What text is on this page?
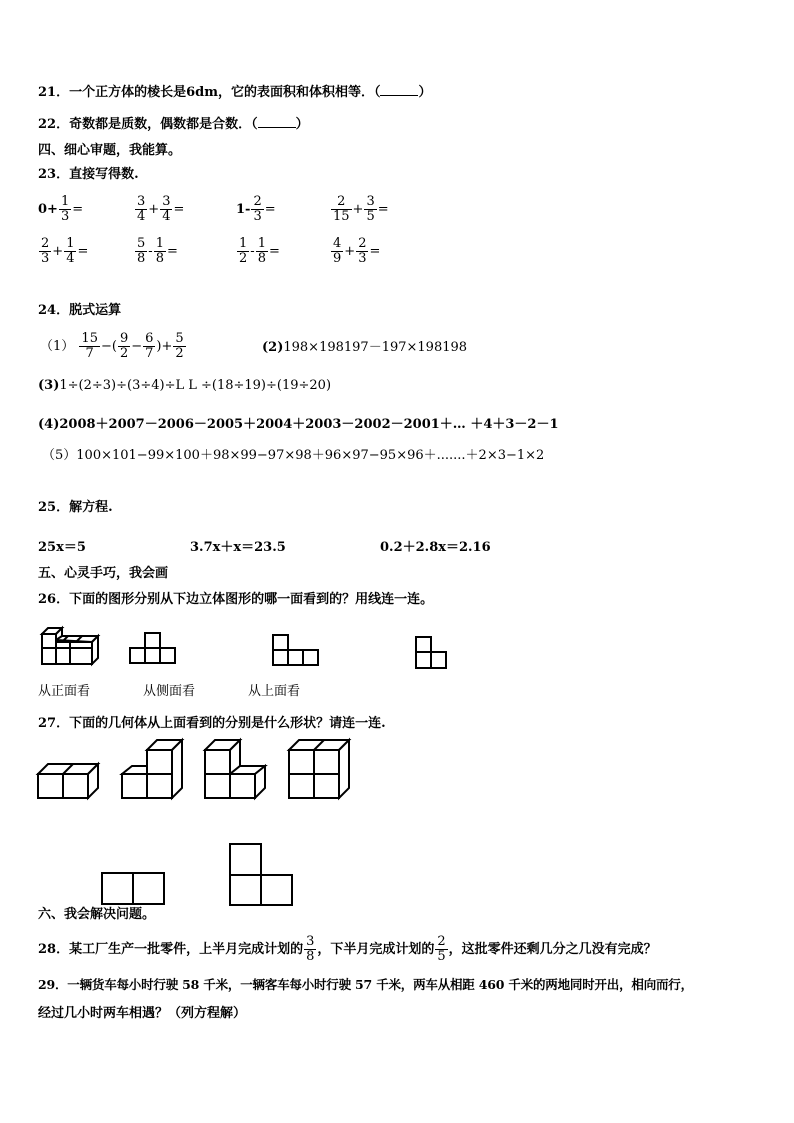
21．一个正方体的棱长是6dm，它的表面积和体积相等．（	）
22．奇数都是质数，偶数都是合数．（	）
四、细心审题，我能算。
23．直接写得数.
$0+ \frac{1}{3}$ =	$\frac{3}{4} + \frac{3}{4}$ =	$1- \frac{2}{3}$ =	$\frac{2}{15} + \frac{3}{5}$ =
$\frac{2}{3} + \frac{1}{4}$ =	$\frac{5}{8} - \frac{1}{8}$ =	$\frac{1}{2} - \frac{1}{8}$ =	$\frac{4}{9} + \frac{2}{3}$ =
24．脱式运算
$(1) \frac{15}{7}$ −( $\frac{9}{2} - \frac{6}{7}$ )+ $\frac{5}{2}$	(2)198×198197－197×198198
(3)1÷(2÷3)÷(3÷4)÷L L ÷(18÷19)÷(19÷20)
(4)2008＋2007－2006－2005＋2004＋2003－2002－2001＋… ＋4＋3－2－1
（5）100×101−99×100＋98×99−97×98＋96×97−95×96＋.......＋2×3−1×2
25．解方程.
25x＝5	3.7x＋x＝23.5	0.2＋2.8x＝2.16
五、心灵手巧，我会画
26．下面的图形分别从下边立体图形的哪一面看到的？用线连一连。
从正面看	从侧面看	从上面看
27．下面的几何体从上面看到的分别是什么形状？请连一连.
六、我会解决问题。
28．某工厂生产一批零件，上半月完成计划的 $\frac{3}{8}$ ，下半月完成计划的 $\frac{2}{5}$ ，这批零件还剩几分之几没有完成？
29．一辆货车每小时行驶 58 千米，一辆客车每小时行驶 57 千米，两车从相距 460 千米的两地同时开出，相向而行，
经过几小时两车相遇？（列方程解）
